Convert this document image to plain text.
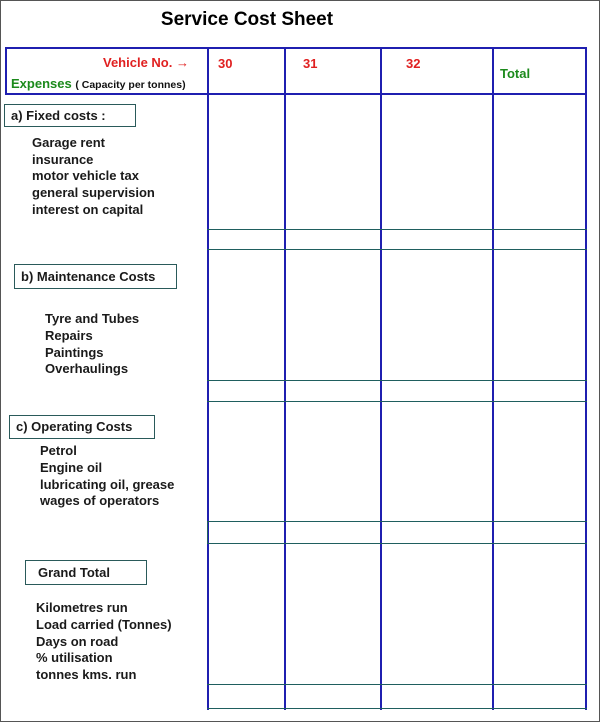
Service Cost Sheet
Vehicle No. →
Expenses ( Capacity per tonnes)
30	31	32
Total
a) Fixed costs :
Garage rent
insurance
motor vehicle tax
general supervision
interest on capital
b) Maintenance Costs
Tyre and Tubes
Repairs
Paintings
Overhaulings
c) Operating Costs
Petrol
Engine oil
lubricating oil, grease
wages of operators
Grand Total
Kilometres run
Load carried (Tonnes)
Days on road
% utilisation
tonnes kms. run
